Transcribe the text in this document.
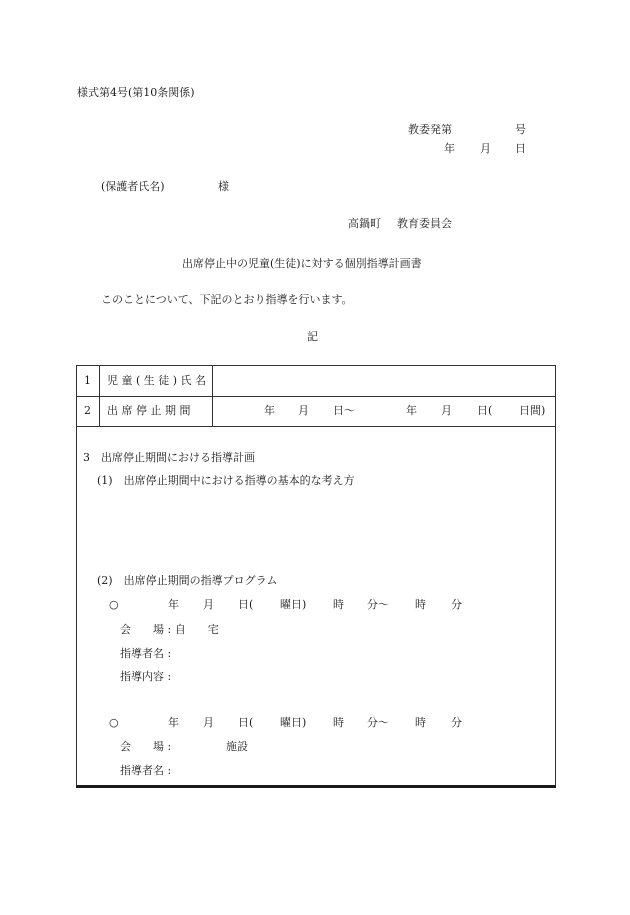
様式第4号(第10条関係)
教委発第	号
年 月 日
(保護者氏名)	様
高鍋町 教育委員会
出席停止中の児童(生徒)に対する個別指導計画書
このことについて、下記のとおり指導を行います。
記
1 児 童 ( 生 徒 ) 氏 名
2 出 席 停 止 期 間	年 月 日〜	年 月 日( 日間)
3　出席停止期間における指導計画
(1)　出席停止期間中における指導の基本的な考え方
(2)　出席停止期間の指導プログラム
○	年 月 日( 曜日) 時 分〜 時 分
会　　場 : 自　　宅
指導者名 :
指導内容 :
○	年 月 日( 曜日) 時 分〜 時 分
会　　場 :	施設
指導者名 :
